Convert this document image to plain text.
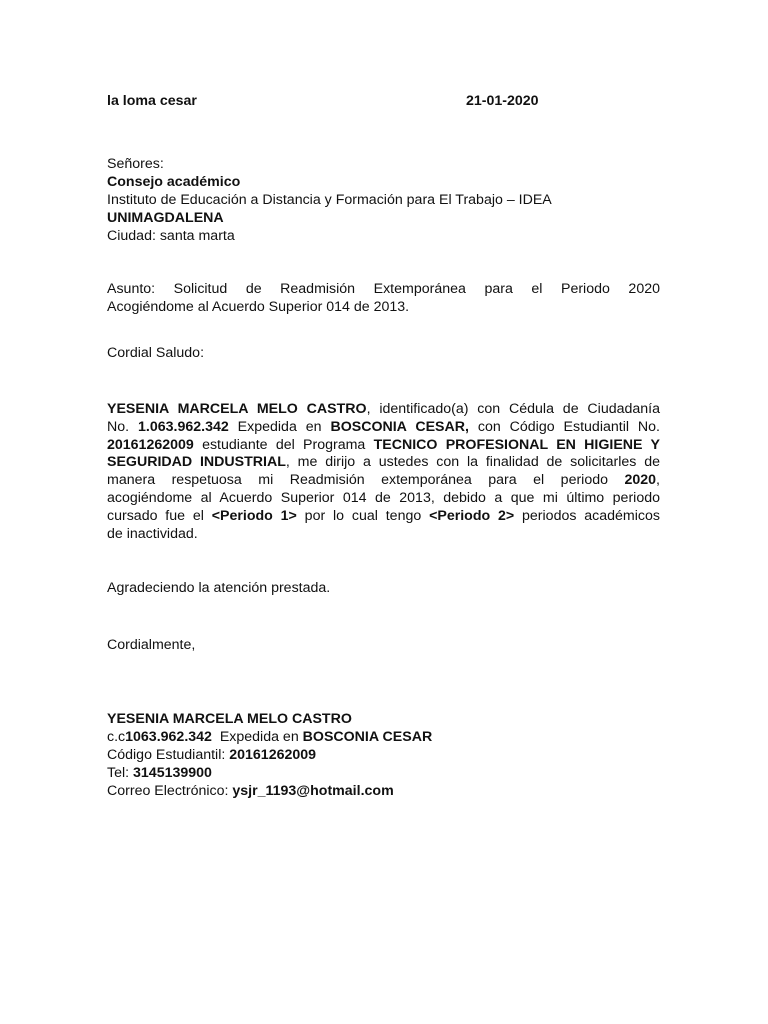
la loma cesar	21-01-2020
Señores:
Consejo académico
Instituto de Educación a Distancia y Formación para El Trabajo – IDEA
UNIMAGDALENA
Ciudad: santa marta
Asunto: Solicitud de Readmisión Extemporánea para el Periodo 2020
Acogiéndome al Acuerdo Superior 014 de 2013.
Cordial Saludo:
YESENIA MARCELA MELO CASTRO, identificado(a) con Cédula de Ciudadanía
No. 1.063.962.342 Expedida en BOSCONIA CESAR, con Código Estudiantil No.
20161262009 estudiante del Programa TECNICO PROFESIONAL EN HIGIENE Y
SEGURIDAD INDUSTRIAL, me dirijo a ustedes con la finalidad de solicitarles de
manera respetuosa mi Readmisión extemporánea para el periodo 2020,
acogiéndome al Acuerdo Superior 014 de 2013, debido a que mi último periodo
cursado fue el <Periodo 1> por lo cual tengo <Periodo 2> periodos académicos
de inactividad.
Agradeciendo la atención prestada.
Cordialmente,
YESENIA MARCELA MELO CASTRO
c.c1063.962.342  Expedida en BOSCONIA CESAR
Código Estudiantil: 20161262009
Tel: 3145139900
Correo Electrónico: ysjr_1193@hotmail.com
